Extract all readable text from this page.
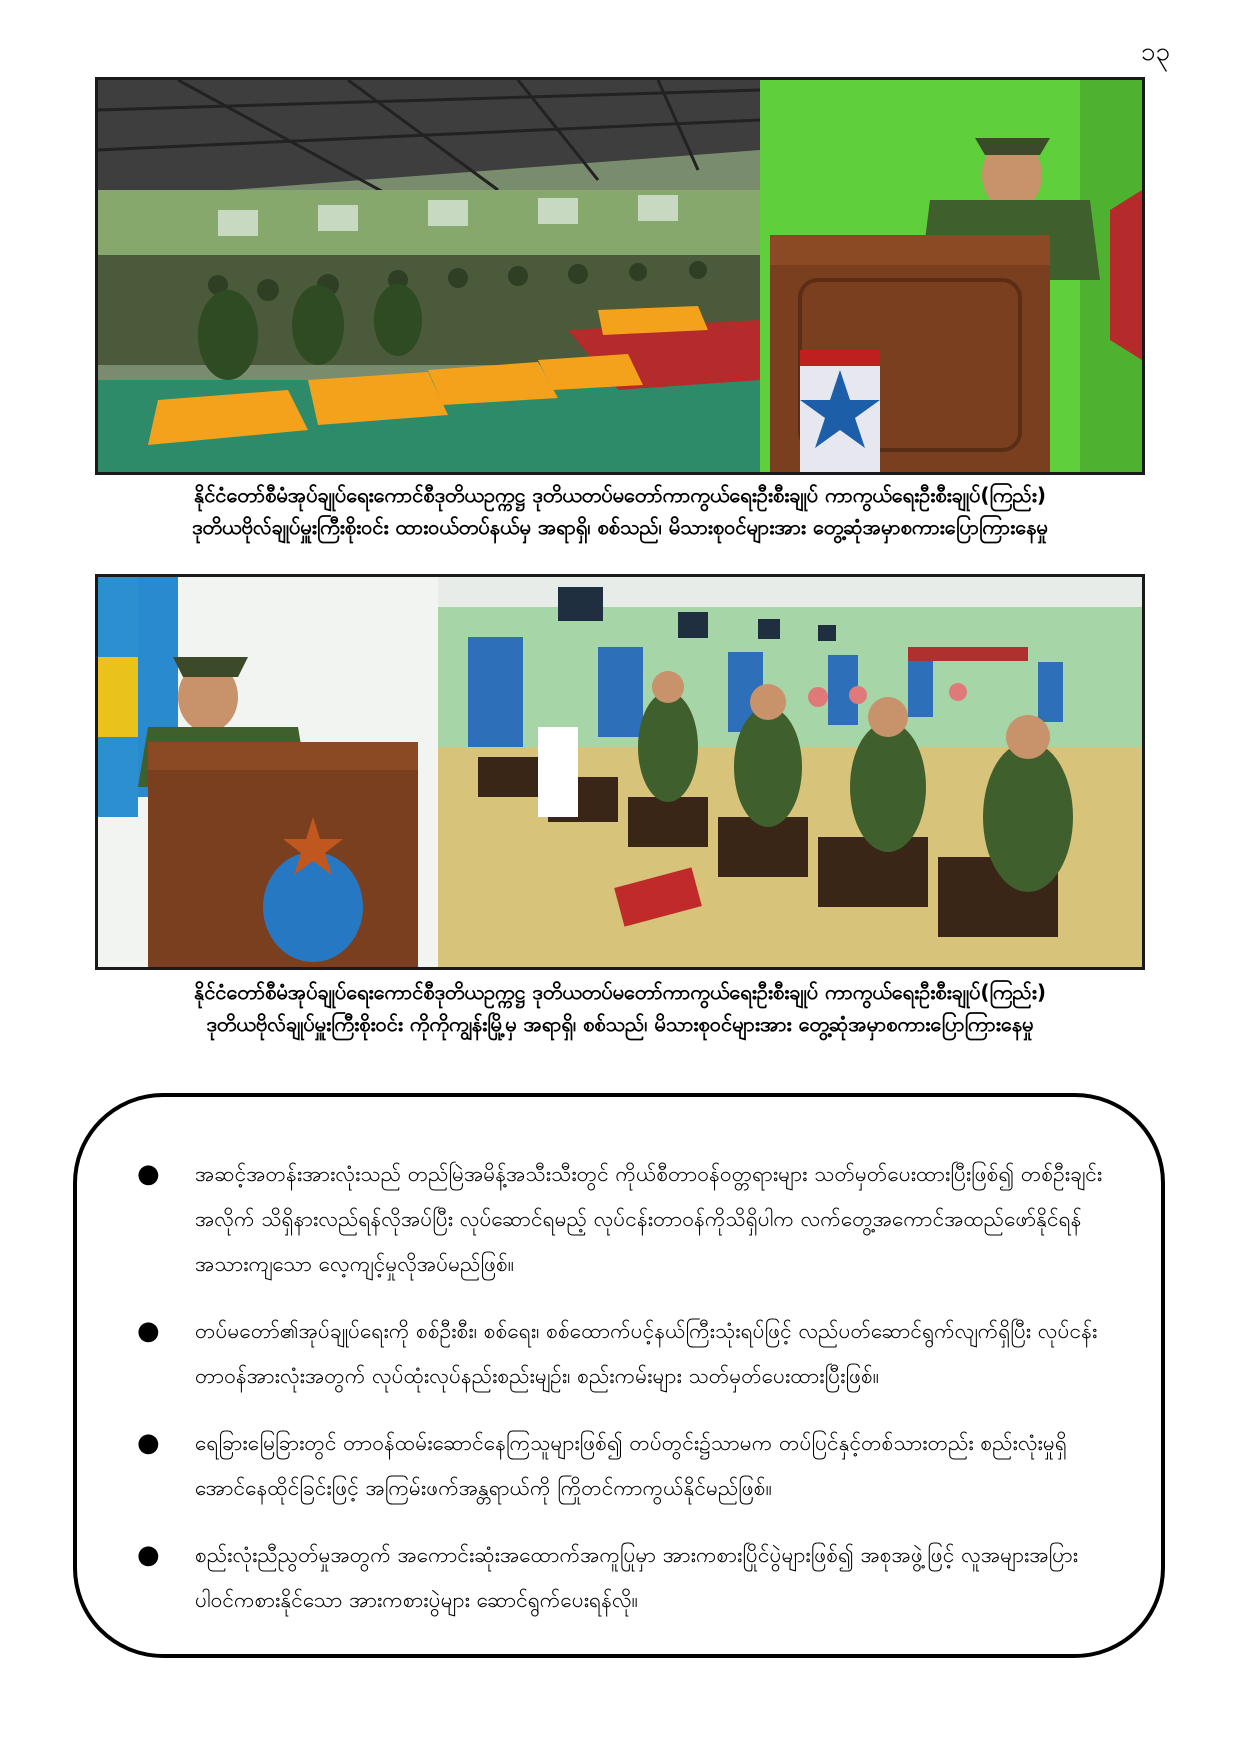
၁၃
နိုင်ငံတော်စီမံအုပ်ချုပ်ရေးကောင်စီဒုတိယဥက္ကဋ္ဌ ဒုတိယတပ်မတော်ကာကွယ်ရေးဦးစီးချုပ် ကာကွယ်ရေးဦးစီးချုပ်(ကြည်း)
ဒုတိယဗိုလ်ချုပ်မှူးကြီးစိုးဝင်း ထားဝယ်တပ်နယ်မှ အရာရှိ၊ စစ်သည်၊ မိသားစုဝင်များအား တွေ့ဆုံအမှာစကားပြောကြားနေမှု
နိုင်ငံတော်စီမံအုပ်ချုပ်ရေးကောင်စီဒုတိယဥက္ကဋ္ဌ ဒုတိယတပ်မတော်ကာကွယ်ရေးဦးစီးချုပ် ကာကွယ်ရေးဦးစီးချုပ်(ကြည်း)
ဒုတိယဗိုလ်ချုပ်မှူးကြီးစိုးဝင်း ကိုကိုကျွန်းမြို့မှ အရာရှိ၊ စစ်သည်၊ မိသားစုဝင်များအား တွေ့ဆုံအမှာစကားပြောကြားနေမှု
● အဆင့်အတန်းအားလုံးသည် တည်မြဲအမိန့်အသီးသီးတွင် ကိုယ်စီတာဝန်ဝတ္တရားများ သတ်မှတ်ပေးထားပြီးဖြစ်၍ တစ်ဦးချင်းအလိုက် သိရှိနားလည်ရန်လိုအပ်ပြီး လုပ်ဆောင်ရမည့် လုပ်ငန်းတာဝန်ကိုသိရှိပါက လက်တွေ့အကောင်အထည်ဖော်နိုင်ရန် အသားကျသော လေ့ကျင့်မှုလိုအပ်မည်ဖြစ်။
● တပ်မတော်၏အုပ်ချုပ်ရေးကို စစ်ဦးစီး၊ စစ်ရေး၊ စစ်ထောက်ပင့်နယ်ကြီးသုံးရပ်ဖြင့် လည်ပတ်ဆောင်ရွက်လျက်ရှိပြီး လုပ်ငန်းတာဝန်အားလုံးအတွက် လုပ်ထုံးလုပ်နည်းစည်းမျဉ်း၊ စည်းကမ်းများ သတ်မှတ်ပေးထားပြီးဖြစ်။
● ရေခြားမြေခြားတွင် တာဝန်ထမ်းဆောင်နေကြသူများဖြစ်၍ တပ်တွင်း၌သာမက တပ်ပြင်နှင့်တစ်သားတည်း စည်းလုံးမှုရှိအောင်နေထိုင်ခြင်းဖြင့် အကြမ်းဖက်အန္တရာယ်ကို ကြိုတင်ကာကွယ်နိုင်မည်ဖြစ်။
● စည်းလုံးညီညွတ်မှုအတွက် အကောင်းဆုံးအထောက်အကူပြုမှာ အားကစားပြိုင်ပွဲများဖြစ်၍ အစုအဖွဲ့ဖြင့် လူအများအပြားပါဝင်ကစားနိုင်သော အားကစားပွဲများ ဆောင်ရွက်ပေးရန်လို။
